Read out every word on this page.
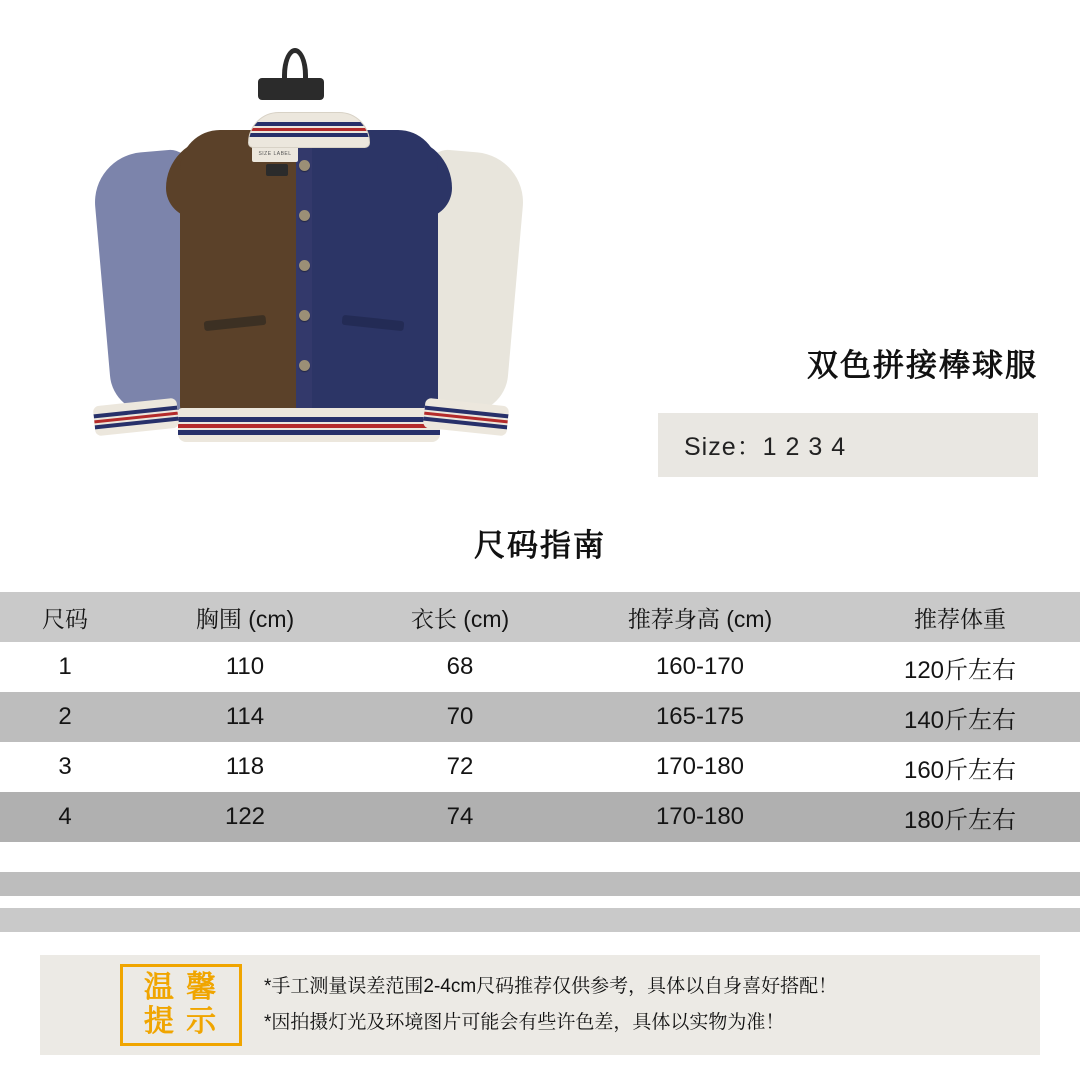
SIZE LABEL
双色拼接棒球服
Size：1 2 3 4
尺码指南
尺码	胸围 (cm)	衣长 (cm)	推荐身高 (cm)	推荐体重
1	110	68	160-170	120斤左右
2	114	70	165-175	140斤左右
3	118	72	170-180	160斤左右
4	122	74	170-180	180斤左右
温 馨
提 示
*手工测量误差范围2-4cm尺码推荐仅供参考，具体以自身喜好搭配！
*因拍摄灯光及环境图片可能会有些许色差，具体以实物为准！
